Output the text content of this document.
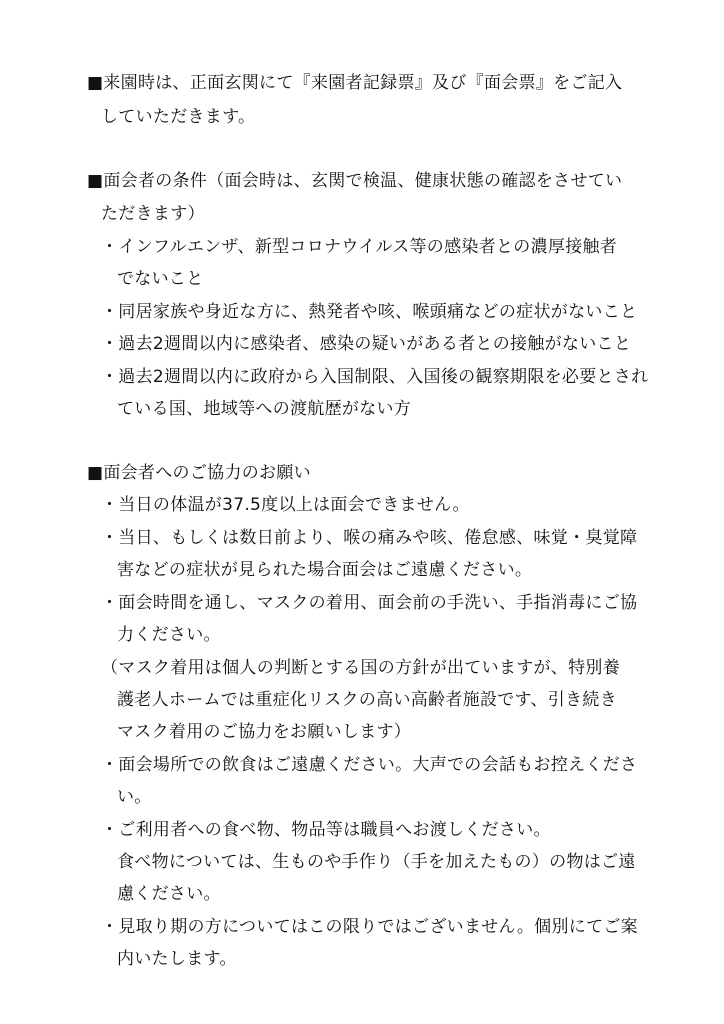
■来園時は、正面玄関にて『来園者記録票』及び『面会票』をご記入
していただきます。
■面会者の条件（面会時は、玄関で検温、健康状態の確認をさせてい
ただきます）
・インフルエンザ、新型コロナウイルス等の感染者との濃厚接触者
でないこと
・同居家族や身近な方に、熱発者や咳、喉頭痛などの症状がないこと
・過去2週間以内に感染者、感染の疑いがある者との接触がないこと
・過去2週間以内に政府から入国制限、入国後の観察期限を必要とされ
ている国、地域等への渡航歴がない方
■面会者へのご協力のお願い
・当日の体温が37.5度以上は面会できません。
・当日、もしくは数日前より、喉の痛みや咳、倦怠感、味覚・臭覚障
害などの症状が見られた場合面会はご遠慮ください。
・面会時間を通し、マスクの着用、面会前の手洗い、手指消毒にご協
力ください。
（マスク着用は個人の判断とする国の方針が出ていますが、特別養
護老人ホームでは重症化リスクの高い高齢者施設です、引き続き
マスク着用のご協力をお願いします）
・面会場所での飲食はご遠慮ください。大声での会話もお控えくださ
い。
・ご利用者への食べ物、物品等は職員へお渡しください。
食べ物については、生ものや手作り（手を加えたもの）の物はご遠
慮ください。
・見取り期の方についてはこの限りではございません。個別にてご案
内いたします。
